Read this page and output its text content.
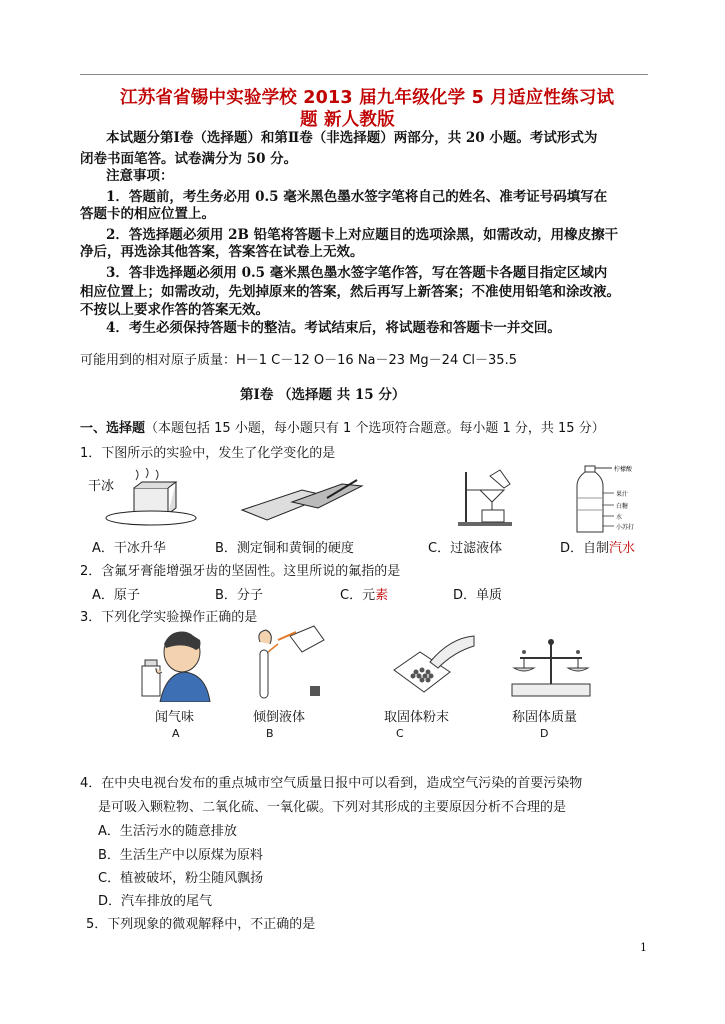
江苏省省锡中实验学校 2013 届九年级化学 5 月适应性练习试
题 新人教版
本试题分第Ⅰ卷（选择题）和第Ⅱ卷（非选择题）两部分，共 20 小题。考试形式为
闭卷书面笔答。试卷满分为 50 分。
注意事项：
1．答题前，考生务必用 0.5 毫米黑色墨水签字笔将自己的姓名、准考证号码填写在
答题卡的相应位置上。
2．答选择题必须用 2B 铅笔将答题卡上对应题目的选项涂黑，如需改动，用橡皮擦干
净后，再选涂其他答案，答案答在试卷上无效。
3．答非选择题必须用 0.5 毫米黑色墨水签字笔作答，写在答题卡各题目指定区域内
相应位置上；如需改动，先划掉原来的答案，然后再写上新答案；不准使用铅笔和涂改液。
不按以上要求作答的答案无效。
4．考生必须保持答题卡的整洁。考试结束后，将试题卷和答题卡一并交回。
可能用到的相对原子质量：H－1 C－12 O－16 Na－23 Mg－24 Cl－35.5
第Ⅰ卷 （选择题 共 15 分）
一、选择题（本题包括 15 小题，每小题只有 1 个选项符合题意。每小题 1 分，共 15 分）
1．下图所示的实验中，发生了化学变化的是
干冰
柠檬酸
果汁
白糖
水
小苏打
A．干冰升华	B．测定铜和黄铜的硬度	C．过滤液体	D．自制汽水
2．含氟牙膏能增强牙齿的坚固性。这里所说的氟指的是
A．原子	B．分子	C．元素	D．单质
3．下列化学实验操作正确的是
闻气味	倾倒液体	取固体粉末	称固体质量
A	B	C	D
4．在中央电视台发布的重点城市空气质量日报中可以看到，造成空气污染的首要污染物
是可吸入颗粒物、二氧化硫、一氧化碳。下列对其形成的主要原因分析不合理的是
A．生活污水的随意排放
B．生活生产中以原煤为原料
C．植被破坏，粉尘随风飘扬
D．汽车排放的尾气
5．下列现象的微观解释中，不正确的是
1
